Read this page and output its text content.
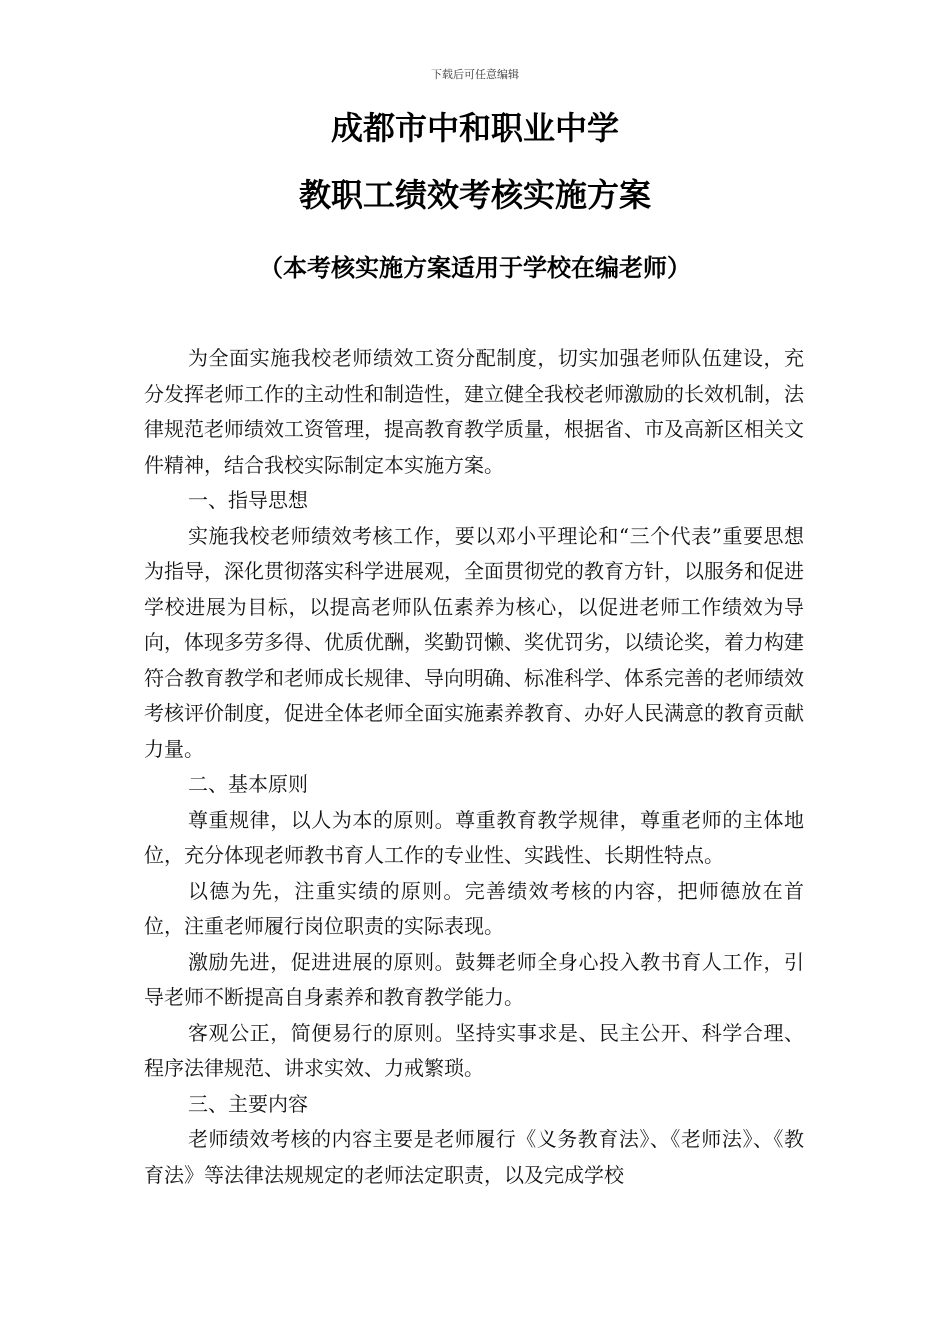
下载后可任意编辑
成都市中和职业中学
教职工绩效考核实施方案
（本考核实施方案适用于学校在编老师）

为全面实施我校老师绩效工资分配制度，切实加强老师队伍建设，充分发挥老师工作的主动性和制造性，建立健全我校老师激励的长效机制，法律规范老师绩效工资管理，提高教育教学质量，根据省、市及高新区相关文件精神，结合我校实际制定本实施方案。

一、指导思想

实施我校老师绩效考核工作，要以邓小平理论和“三个代表”重要思想为指导，深化贯彻落实科学进展观，全面贯彻党的教育方针，以服务和促进学校进展为目标，以提高老师队伍素养为核心，以促进老师工作绩效为导向，体现多劳多得、优质优酬，奖勤罚懒、奖优罚劣，以绩论奖，着力构建符合教育教学和老师成长规律、导向明确、标准科学、体系完善的老师绩效考核评价制度，促进全体老师全面实施素养教育、办好人民满意的教育贡献力量。

二、基本原则

尊重规律，以人为本的原则。尊重教育教学规律，尊重老师的主体地位，充分体现老师教书育人工作的专业性、实践性、长期性特点。

以德为先，注重实绩的原则。完善绩效考核的内容，把师德放在首位，注重老师履行岗位职责的实际表现。

激励先进，促进进展的原则。鼓舞老师全身心投入教书育人工作，引导老师不断提高自身素养和教育教学能力。

客观公正，简便易行的原则。坚持实事求是、民主公开、科学合理、程序法律规范、讲求实效、力戒繁琐。

三、主要内容

老师绩效考核的内容主要是老师履行《义务教育法》、《老师法》、《教育法》等法律法规规定的老师法定职责，以及完成学校
